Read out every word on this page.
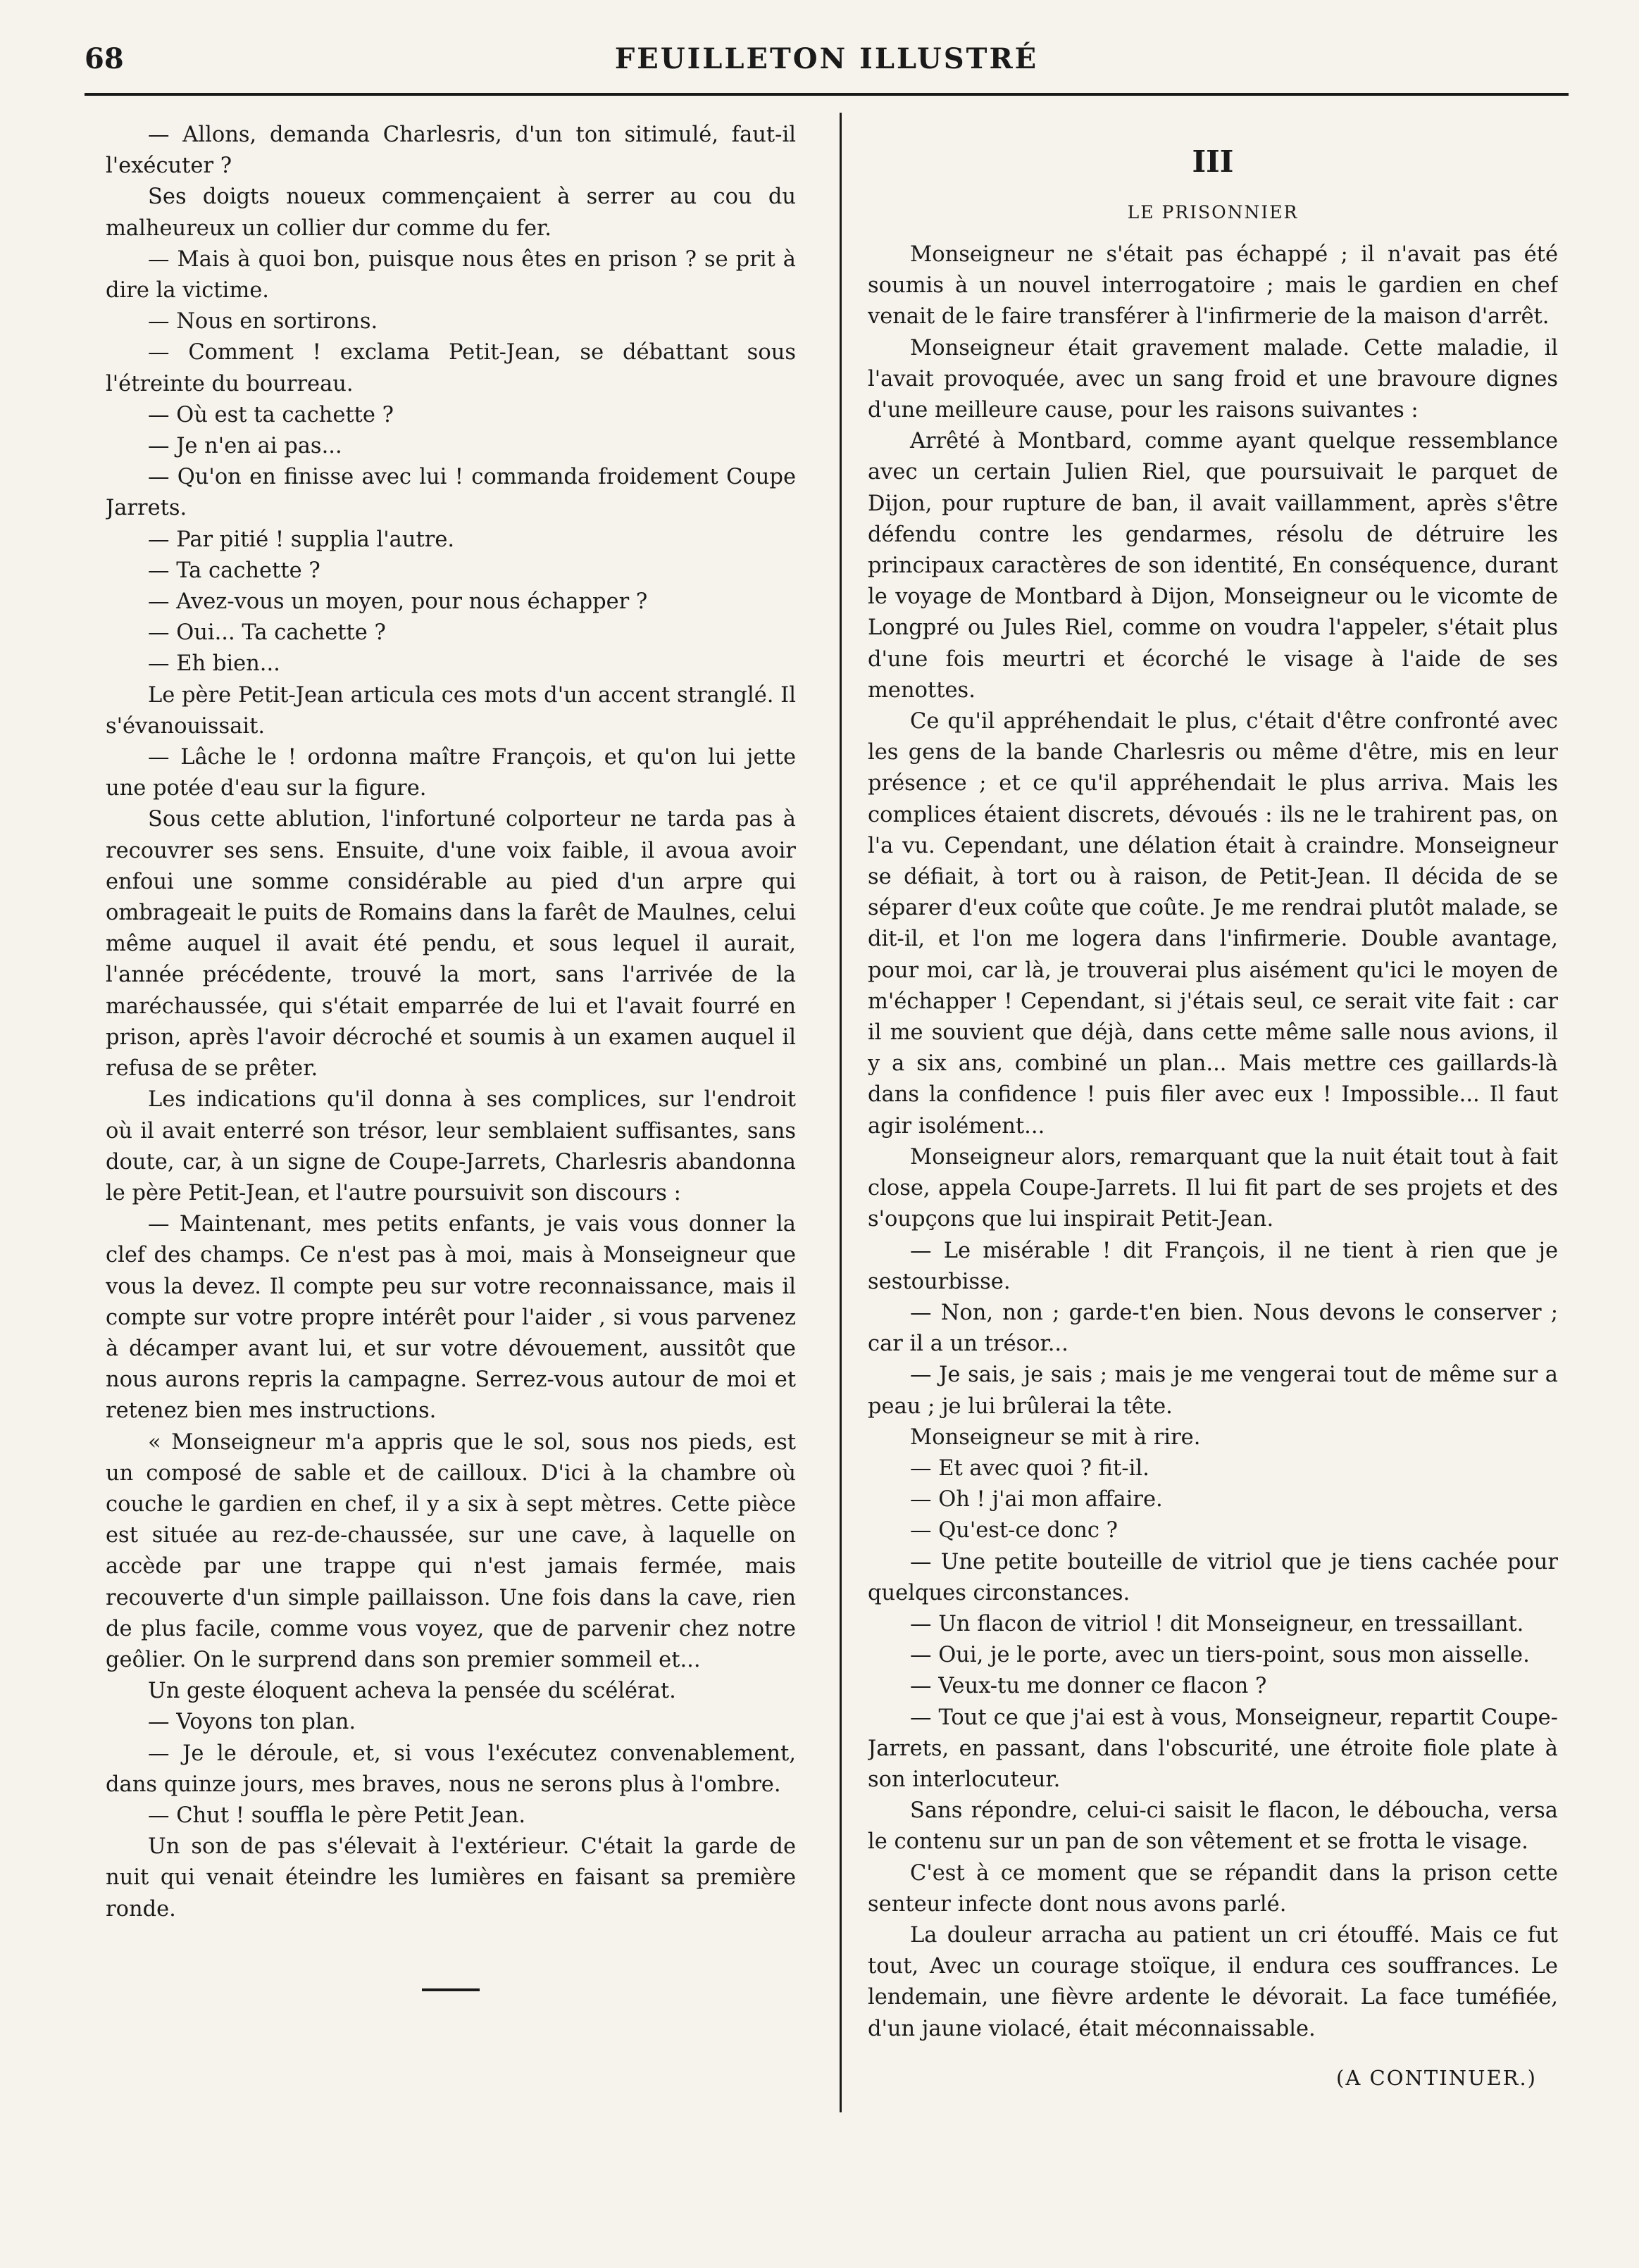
68	FEUILLETON ILLUSTRÉ

— Allons, demanda Charlesris, d'un ton sitimulé, faut-il l'exécuter ?

Ses doigts noueux commençaient à serrer au cou du malheureux un collier dur comme du fer.

— Mais à quoi bon, puisque nous êtes en prison ? se prit à dire la victime.

— Nous en sortirons.

— Comment ! exclama Petit-Jean, se débattant sous l'étreinte du bourreau.

— Où est ta cachette ?

— Je n'en ai pas...

— Qu'on en finisse avec lui ! commanda froidement Coupe Jarrets.

— Par pitié ! supplia l'autre.

— Ta cachette ?

— Avez-vous un moyen, pour nous échapper ?

— Oui... Ta cachette ?

— Eh bien...

Le père Petit-Jean articula ces mots d'un accent stranglé. Il s'évanouissait.

— Lâche le ! ordonna maître François, et qu'on lui jette une potée d'eau sur la figure.

Sous cette ablution, l'infortuné colporteur ne tarda pas à recouvrer ses sens. Ensuite, d'une voix faible, il avoua avoir enfoui une somme considérable au pied d'un arpre qui ombrageait le puits de Romains dans la farêt de Maulnes, celui même auquel il avait été pendu, et sous lequel il aurait, l'année précédente, trouvé la mort, sans l'arrivée de la maréchaussée, qui s'était emparrée de lui et l'avait fourré en prison, après l'avoir décroché et soumis à un examen auquel il refusa de se prêter.

Les indications qu'il donna à ses complices, sur l'endroit où il avait enterré son trésor, leur semblaient suffisantes, sans doute, car, à un signe de Coupe-Jarrets, Charlesris abandonna le père Petit-Jean, et l'autre poursuivit son discours :

— Maintenant, mes petits enfants, je vais vous donner la clef des champs. Ce n'est pas à moi, mais à Monseigneur que vous la devez. Il compte peu sur votre reconnaissance, mais il compte sur votre propre intérêt pour l'aider , si vous parvenez à décamper avant lui, et sur votre dévouement, aussitôt que nous aurons repris la campagne. Serrez-vous autour de moi et retenez bien mes instructions.

« Monseigneur m'a appris que le sol, sous nos pieds, est un composé de sable et de cailloux. D'ici à la chambre où couche le gardien en chef, il y a six à sept mètres. Cette pièce est située au rez-de-chaussée, sur une cave, à laquelle on accède par une trappe qui n'est jamais fermée, mais recouverte d'un simple paillaisson. Une fois dans la cave, rien de plus facile, comme vous voyez, que de parvenir chez notre geôlier. On le surprend dans son premier sommeil et...

Un geste éloquent acheva la pensée du scélérat.

— Voyons ton plan.

— Je le déroule, et, si vous l'exécutez convenablement, dans quinze jours, mes braves, nous ne serons plus à l'ombre.

— Chut ! souffla le père Petit Jean.

Un son de pas s'élevait à l'extérieur. C'était la garde de nuit qui venait éteindre les lumières en faisant sa première ronde.

III
LE PRISONNIER

Monseigneur ne s'était pas échappé ; il n'avait pas été soumis à un nouvel interrogatoire ; mais le gardien en chef venait de le faire transférer à l'infirmerie de la maison d'arrêt.

Monseigneur était gravement malade. Cette maladie, il l'avait provoquée, avec un sang froid et une bravoure dignes d'une meilleure cause, pour les raisons suivantes :

Arrêté à Montbard, comme ayant quelque ressemblance avec un certain Julien Riel, que poursuivait le parquet de Dijon, pour rupture de ban, il avait vaillamment, après s'être défendu contre les gendarmes, résolu de détruire les principaux caractères de son identité, En conséquence, durant le voyage de Montbard à Dijon, Monseigneur ou le vicomte de Longpré ou Jules Riel, comme on voudra l'appeler, s'était plus d'une fois meurtri et écorché le visage à l'aide de ses menottes.

Ce qu'il appréhendait le plus, c'était d'être confronté avec les gens de la bande Charlesris ou même d'être, mis en leur présence ; et ce qu'il appréhendait le plus arriva. Mais les complices étaient discrets, dévoués : ils ne le trahirent pas, on l'a vu. Cependant, une délation était à craindre. Monseigneur se défiait, à tort ou à raison, de Petit-Jean. Il décida de se séparer d'eux coûte que coûte. Je me rendrai plutôt malade, se dit-il, et l'on me logera dans l'infirmerie. Double avantage, pour moi, car là, je trouverai plus aisément qu'ici le moyen de m'échapper ! Cependant, si j'étais seul, ce serait vite fait : car il me souvient que déjà, dans cette même salle nous avions, il y a six ans, combiné un plan... Mais mettre ces gaillards-là dans la confidence ! puis filer avec eux ! Impossible... Il faut agir isolément...

Monseigneur alors, remarquant que la nuit était tout à fait close, appela Coupe-Jarrets. Il lui fit part de ses projets et des s'oupçons que lui inspirait Petit-Jean.

— Le misérable ! dit François, il ne tient à rien que je sestourbisse.

— Non, non ; garde-t'en bien. Nous devons le conserver ; car il a un trésor...

— Je sais, je sais ; mais je me vengerai tout de même sur a peau ; je lui brûlerai la tête.

Monseigneur se mit à rire.

— Et avec quoi ? fit-il.

— Oh ! j'ai mon affaire.

— Qu'est-ce donc ?

— Une petite bouteille de vitriol que je tiens cachée pour quelques circonstances.

— Un flacon de vitriol ! dit Monseigneur, en tressaillant.

— Oui, je le porte, avec un tiers-point, sous mon aisselle.

— Veux-tu me donner ce flacon ?

— Tout ce que j'ai est à vous, Monseigneur, repartit Coupe-Jarrets, en passant, dans l'obscurité, une étroite fiole plate à son interlocuteur.

Sans répondre, celui-ci saisit le flacon, le déboucha, versa le contenu sur un pan de son vêtement et se frotta le visage.

C'est à ce moment que se répandit dans la prison cette senteur infecte dont nous avons parlé.

La douleur arracha au patient un cri étouffé. Mais ce fut tout, Avec un courage stoïque, il endura ces souffrances. Le lendemain, une fièvre ardente le dévorait. La face tuméfiée, d'un jaune violacé, était méconnaissable.

(A CONTINUER.)
